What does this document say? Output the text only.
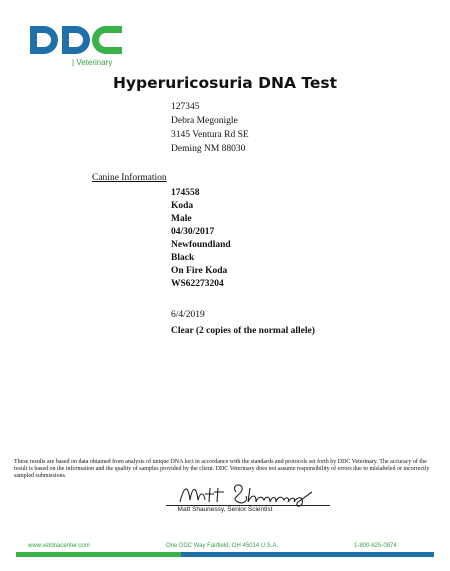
| Veterinary
Hyperuricosuria DNA Test
127345
Debra Megonigle
3145 Ventura Rd SE
Deming NM 88030
Canine Information
174558
Koda
Male
04/30/2017
Newfoundland
Black
On Fire Koda
WS62273204
6/4/2019
Clear (2 copies of the normal allele)
These results are based on data obtained from analysis of unique DNA loci in accordance with the standards and protocols set forth by DDC Veterinary. The accuracy of the result is based on the information and the quality of samples provided by the client. DDC Veterinary does not assume responsibility of errors due to mislabeled or incorrectly sampled submissions.
Matt Shaunessy, Senior Scientist
www.vetdnacenter.com	One DDC Way Fairfield, OH 45014 U.S.A.	1-800-625-0874
